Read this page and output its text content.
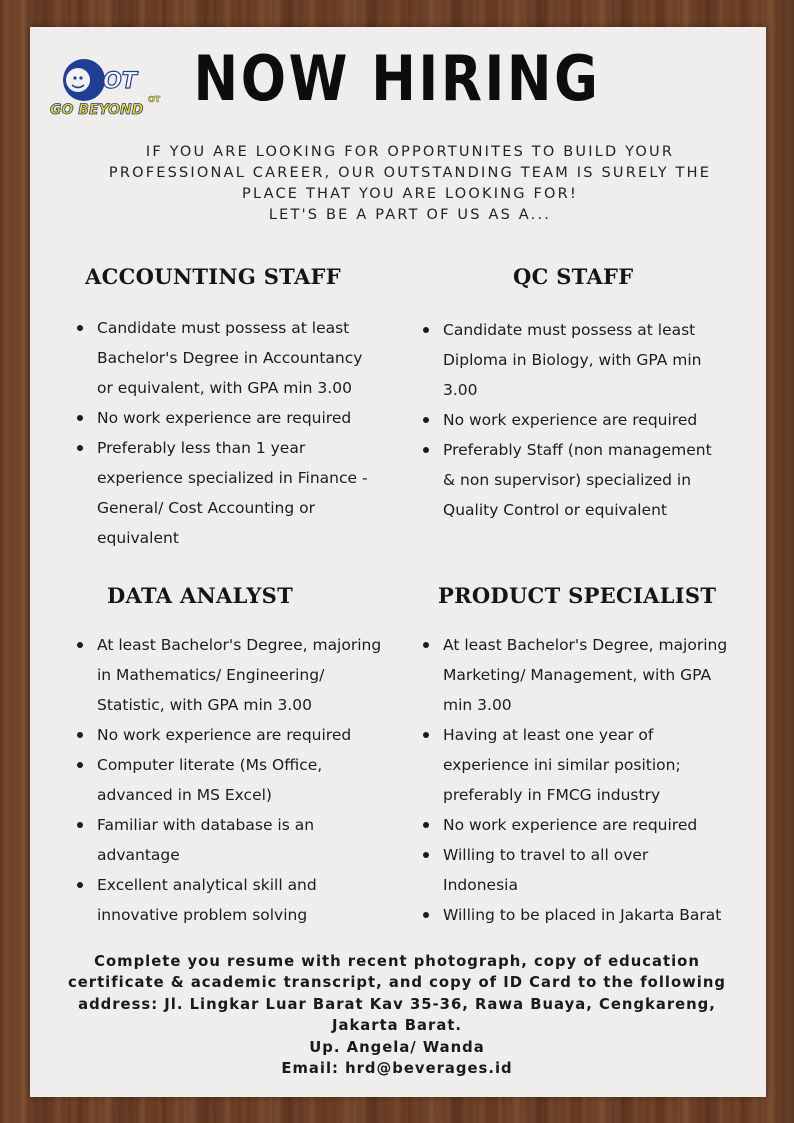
OT
GO BEYOND
OT NOW HIRING
IF YOU ARE LOOKING FOR OPPORTUNITES TO BUILD YOUR
PROFESSIONAL CAREER, OUR OUTSTANDING TEAM IS SURELY THE
PLACE THAT YOU ARE LOOKING FOR!
LET'S BE A PART OF US AS A...
ACCOUNTING STAFF
Candidate must possess at least
Bachelor's Degree in Accountancy
or equivalent, with GPA min 3.00
No work experience are required
Preferably less than 1 year
experience specialized in Finance -
General/ Cost Accounting or
equivalent
QC STAFF
Candidate must possess at least
Diploma in Biology, with GPA min
3.00
No work experience are required
Preferably Staff (non management
& non supervisor) specialized in
Quality Control or equivalent
DATA ANALYST
At least Bachelor's Degree, majoring
in Mathematics/ Engineering/
Statistic, with GPA min 3.00
No work experience are required
Computer literate (Ms Office,
advanced in MS Excel)
Familiar with database is an
advantage
Excellent analytical skill and
innovative problem solving
PRODUCT SPECIALIST
At least Bachelor's Degree, majoring
Marketing/ Management, with GPA
min 3.00
Having at least one year of
experience ini similar position;
preferably in FMCG industry
No work experience are required
Willing to travel to all over
Indonesia
Willing to be placed in Jakarta Barat
Complete you resume with recent photograph, copy of education
certificate & academic transcript, and copy of ID Card to the following
address: Jl. Lingkar Luar Barat Kav 35-36, Rawa Buaya, Cengkareng,
Jakarta Barat.
Up. Angela/ Wanda
Email: hrd@beverages.id
